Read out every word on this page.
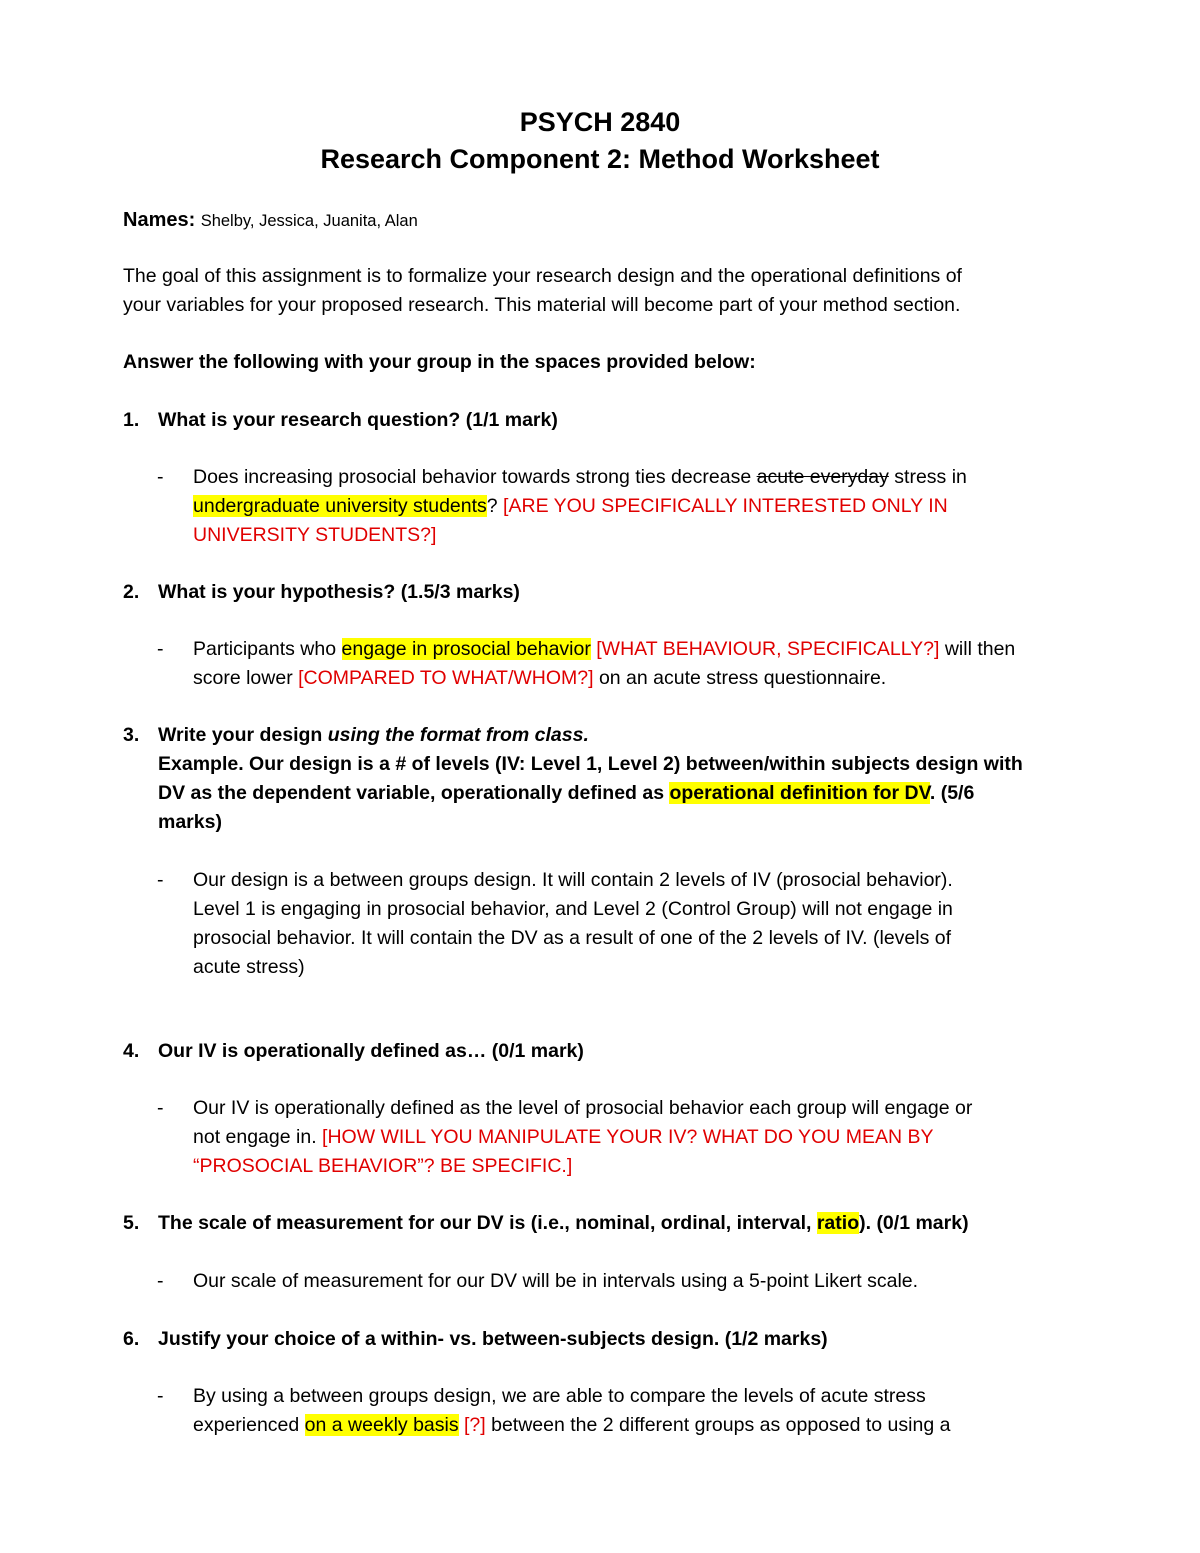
PSYCH 2840
Research Component 2: Method Worksheet
Names: Shelby, Jessica, Juanita, Alan
The goal of this assignment is to formalize your research design and the operational definitions of
your variables for your proposed research. This material will become part of your method section.
Answer the following with your group in the spaces provided below:
1. What is your research question? (1/1 mark)
- Does increasing prosocial behavior towards strong ties decrease acute everyday stress in
undergraduate university students? [ARE YOU SPECIFICALLY INTERESTED ONLY IN
UNIVERSITY STUDENTS?]
2. What is your hypothesis? (1.5/3 marks)
- Participants who engage in prosocial behavior [WHAT BEHAVIOUR, SPECIFICALLY?] will then
score lower [COMPARED TO WHAT/WHOM?] on an acute stress questionnaire.
3. Write your design using the format from class.
Example. Our design is a # of levels (IV: Level 1, Level 2) between/within subjects design with
DV as the dependent variable, operationally defined as operational definition for DV. (5/6
marks)
- Our design is a between groups design. It will contain 2 levels of IV (prosocial behavior).
Level 1 is engaging in prosocial behavior, and Level 2 (Control Group) will not engage in
prosocial behavior. It will contain the DV as a result of one of the 2 levels of IV. (levels of
acute stress)
4. Our IV is operationally defined as… (0/1 mark)
- Our IV is operationally defined as the level of prosocial behavior each group will engage or
not engage in. [HOW WILL YOU MANIPULATE YOUR IV? WHAT DO YOU MEAN BY
“PROSOCIAL BEHAVIOR”? BE SPECIFIC.]
5. The scale of measurement for our DV is (i.e., nominal, ordinal, interval, ratio). (0/1 mark)
- Our scale of measurement for our DV will be in intervals using a 5-point Likert scale.
6. Justify your choice of a within- vs. between-subjects design. (1/2 marks)
- By using a between groups design, we are able to compare the levels of acute stress
experienced on a weekly basis [?] between the 2 different groups as opposed to using a
